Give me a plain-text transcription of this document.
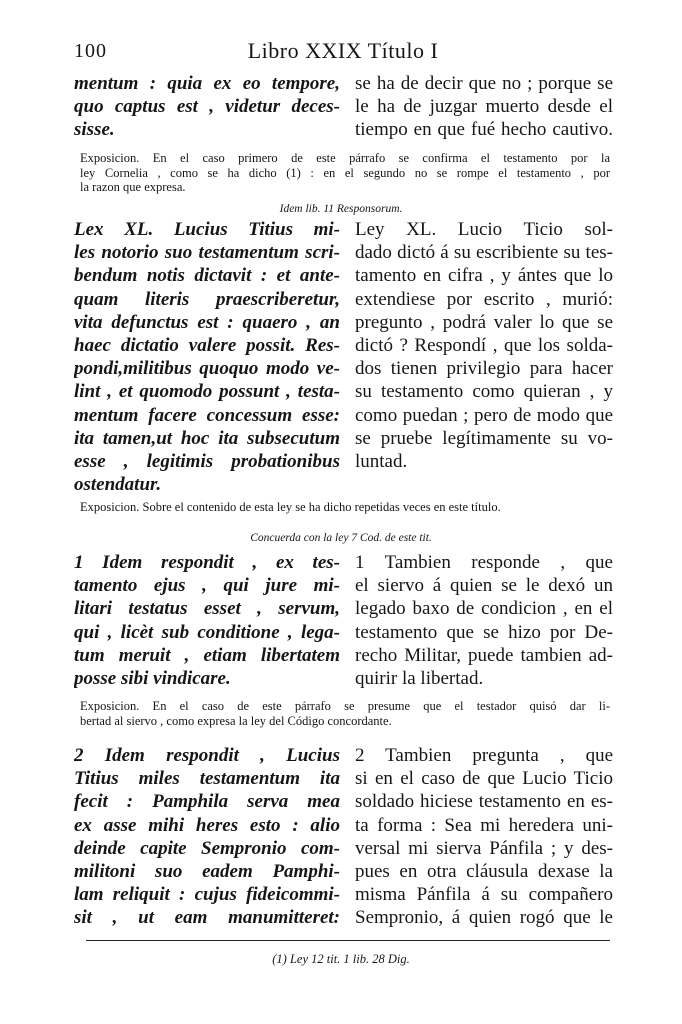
100	Libro XXIX Título I
mentum : quia ex eo tempore,
quo captus est , videtur deces-
sisse.
se ha de decir que no ; porque se
le ha de juzgar muerto desde el
tiempo en que fué hecho cautivo.
Exposicion. En el caso primero de este párrafo se confirma el testamento por la
ley Cornelia , como se ha dicho (1) : en el segundo no se rompe el testamento , por
la razon que expresa.
Idem lib. 11 Responsorum.
Lex XL. Lucius Titius mi-
les notorio suo testamentum scri-
bendum notis dictavit : et ante-
quam literis praescriberetur,
vita defunctus est : quaero , an
haec dictatio valere possit. Res-
pondi,militibus quoquo modo ve-
lint , et quomodo possunt , testa-
mentum facere concessum esse:
ita tamen,ut hoc ita subsecutum
esse , legitimis probationibus
ostendatur.
Ley XL. Lucio Ticio sol-
dado dictó á su escribiente su tes-
tamento en cifra , y ántes que lo
extendiese por escrito , murió:
pregunto , podrá valer lo que se
dictó ? Respondí , que los solda-
dos tienen privilegio para hacer
su testamento como quieran , y
como puedan ; pero de modo que
se pruebe legítimamente su vo-
luntad.
Exposicion. Sobre el contenido de esta ley se ha dicho repetidas veces en este título.
Concuerda con la ley 7 Cod. de este tit.
1 Idem respondit , ex tes-
tamento ejus , qui jure mi-
litari testatus esset , servum,
qui , licèt sub conditione , lega-
tum meruit , etiam libertatem
posse sibi vindicare.
1 Tambien responde , que
el siervo á quien se le dexó un
legado baxo de condicion , en el
testamento que se hizo por De-
recho Militar, puede tambien ad-
quirir la libertad.
Exposicion. En el caso de este párrafo se presume que el testador quisó dar li-
bertad al siervo , como expresa la ley del Código concordante.
2 Idem respondit , Lucius
Titius miles testamentum ita
fecit : Pamphila serva mea
ex asse mihi heres esto : alio
deinde capite Sempronio com-
militoni suo eadem Pamphi-
lam reliquit : cujus fideicommi-
sit , ut eam manumitteret:
2 Tambien pregunta , que
si en el caso de que Lucio Ticio
soldado hiciese testamento en es-
ta forma : Sea mi heredera uni-
versal mi sierva Pánfila ; y des-
pues en otra cláusula dexase la
misma Pánfila á su compañero
Sempronio, á quien rogó que le
(1) Ley 12 tit. 1 lib. 28 Dig.
